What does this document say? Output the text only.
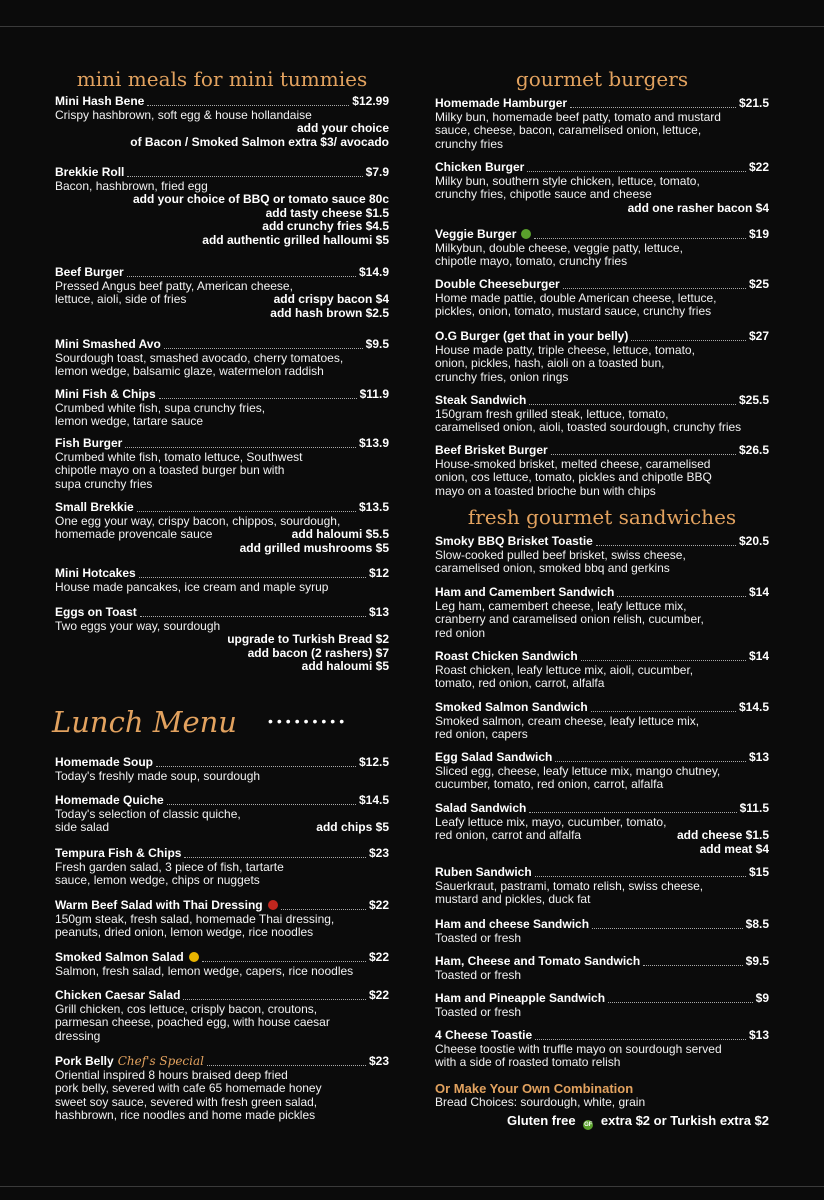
mini meals for mini tummies
Mini Hash Bene	$12.99
Crispy hashbrown, soft egg & house hollandaise
add your choice
of Bacon / Smoked Salmon extra $3/ avocado
Brekkie Roll	$7.9
Bacon, hashbrown, fried egg
add your choice of BBQ or tomato sauce 80c
add tasty cheese $1.5
add crunchy fries $4.5
add authentic grilled halloumi $5
Beef Burger	$14.9
Pressed Angus beef patty, American cheese,
lettuce, aioli, side of fries	add crispy bacon $4
add hash brown $2.5
Mini Smashed Avo	$9.5
Sourdough toast, smashed avocado, cherry tomatoes,
lemon wedge, balsamic glaze, watermelon raddish
Mini Fish & Chips	$11.9
Crumbed white fish, supa crunchy fries,
lemon wedge, tartare sauce
Fish Burger	$13.9
Crumbed white fish, tomato lettuce, Southwest
chipotle mayo on a toasted burger bun with
supa crunchy fries
Small Brekkie	$13.5
One egg your way, crispy bacon, chippos, sourdough,
homemade provencale sauce	add haloumi $5.5
add grilled mushrooms $5
Mini Hotcakes	$12
House made pancakes, ice cream and maple syrup
Eggs on Toast	$13
Two eggs your way, sourdough
upgrade to Turkish Bread $2
add bacon (2 rashers) $7
add haloumi $5
Homemade Soup	$12.5
Today's freshly made soup, sourdough
Homemade Quiche	$14.5
Today's selection of classic quiche,
side salad	add chips $5
Tempura Fish & Chips	$23
Fresh garden salad, 3 piece of fish, tartarte
sauce, lemon wedge, chips or nuggets
Warm Beef Salad with Thai Dressing	$22
150gm steak, fresh salad, homemade Thai dressing,
peanuts, dried onion, lemon wedge, rice noodles
Smoked Salmon Salad	$22
Salmon, fresh salad, lemon wedge, capers, rice noodles
Chicken Caesar Salad	$22
Grill chicken, cos lettuce, crisply bacon, croutons,
parmesan cheese, poached egg, with house caesar
dressing
Pork Belly Chef's Special	$23
Oriential inspired 8 hours braised deep fried
pork belly, severed with cafe 65 homemade honey
sweet soy sauce, severed with fresh green salad,
hashbrown, rice noodles and home made pickles
Lunch Menu •••••••••
gourmet burgers
Homemade Hamburger	$21.5
Milky bun, homemade beef patty, tomato and mustard
sauce, cheese, bacon, caramelised onion, lettuce,
crunchy fries
Chicken Burger	$22
Milky bun, southern style chicken, lettuce, tomato,
crunchy fries, chipotle sauce and cheese
add one rasher bacon $4
Veggie Burger	$19
Milkybun, double cheese, veggie patty, lettuce,
chipotle mayo, tomato, crunchy fries
Double Cheeseburger	$25
Home made pattie, double American cheese, lettuce,
pickles, onion, tomato, mustard sauce, crunchy fries
O.G Burger (get that in your belly)	$27
House made patty, triple cheese, lettuce, tomato,
onion, pickles, hash, aioli on a toasted bun,
crunchy fries, onion rings
Steak Sandwich	$25.5
150gram fresh grilled steak, lettuce, tomato,
caramelised onion, aioli, toasted sourdough, crunchy fries
Beef Brisket Burger	$26.5
House-smoked brisket, melted cheese, caramelised
onion, cos lettuce, tomato, pickles and chipotle BBQ
mayo on a toasted brioche bun with chips
fresh gourmet sandwiches
Smoky BBQ Brisket Toastie	$20.5
Slow-cooked pulled beef brisket, swiss cheese,
caramelised onion, smoked bbq and gerkins
Ham and Camembert Sandwich	$14
Leg ham, camembert cheese, leafy lettuce mix,
cranberry and caramelised onion relish, cucumber,
red onion
Roast Chicken Sandwich	$14
Roast chicken, leafy lettuce mix, aioli, cucumber,
tomato, red onion, carrot, alfalfa
Smoked Salmon Sandwich	$14.5
Smoked salmon, cream cheese, leafy lettuce mix,
red onion, capers
Egg Salad Sandwich	$13
Sliced egg, cheese, leafy lettuce mix, mango chutney,
cucumber, tomato, red onion, carrot, alfalfa
Salad Sandwich	$11.5
Leafy lettuce mix, mayo, cucumber, tomato,
red onion, carrot and alfalfa	add cheese $1.5
add meat $4
Ruben Sandwich	$15
Sauerkraut, pastrami, tomato relish, swiss cheese,
mustard and pickles, duck fat
Ham and cheese Sandwich	$8.5
Toasted or fresh
Ham, Cheese and Tomato Sandwich	$9.5
Toasted or fresh
Ham and Pineapple Sandwich	$9
Toasted or fresh
4 Cheese Toastie	$13
Cheese toostie with truffle mayo on sourdough served
with a side of roasted tomato relish
Or Make Your Own Combination
Bread Choices: sourdough, white, grain
Gluten free GF extra $2 or Turkish extra $2
